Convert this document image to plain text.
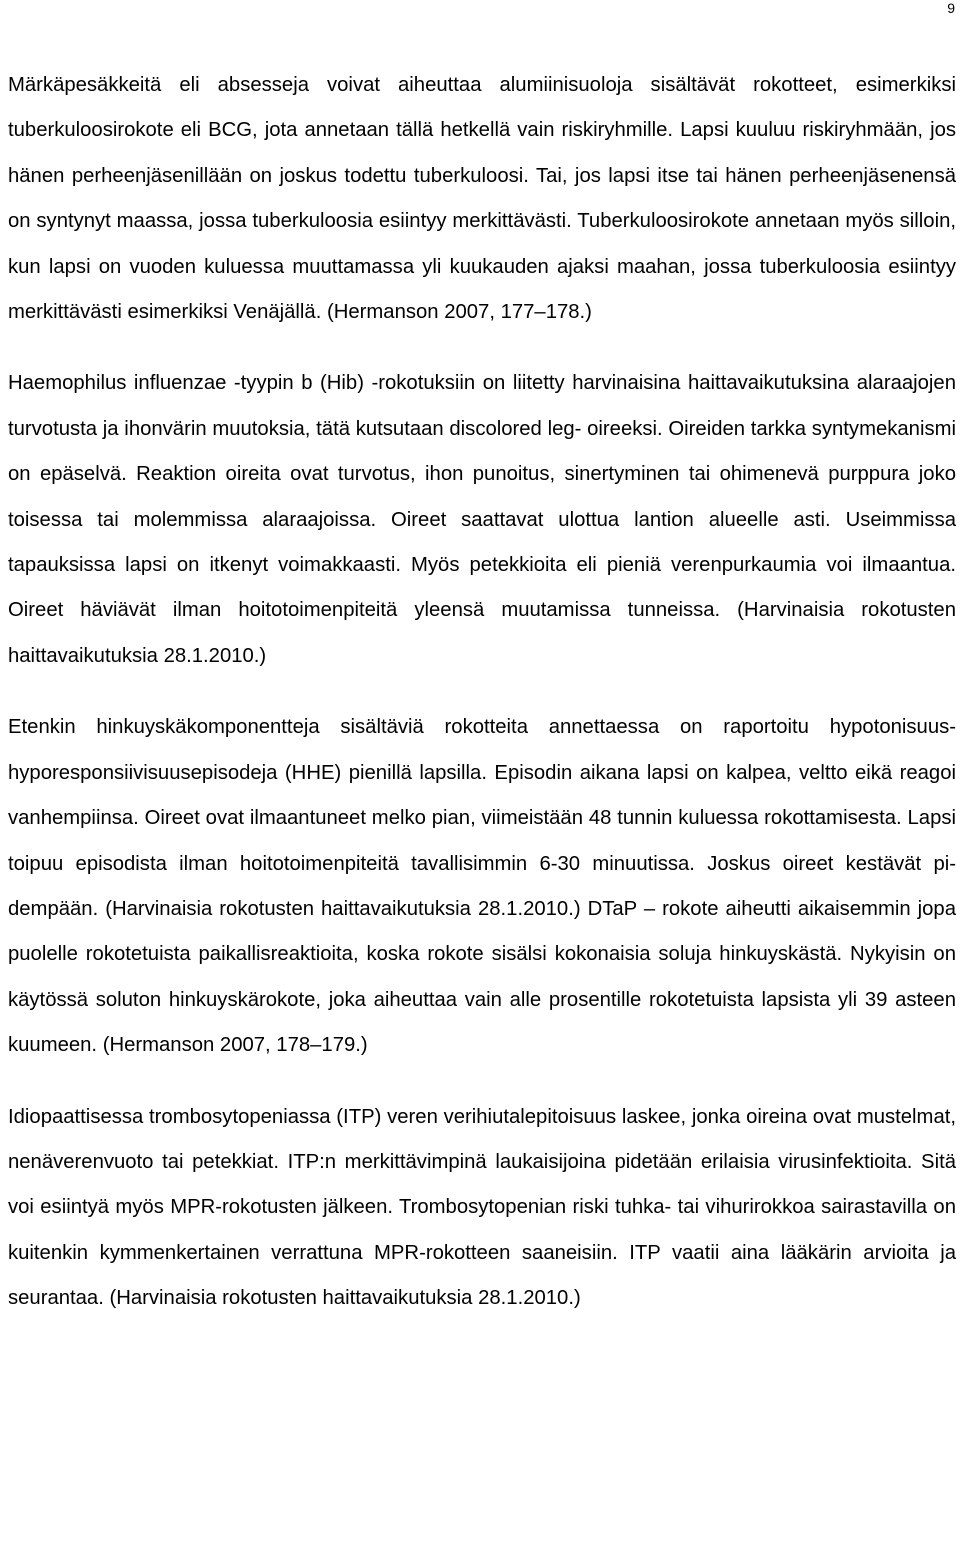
9

Märkäpesäkkeitä eli absesseja voivat aiheuttaa alumiinisuoloja sisältävät rokotteet, esimerkiksi tuberkuloosirokote eli BCG, jota annetaan tällä hetkellä vain riskiryhmille. Lapsi kuuluu riskiryhmään, jos hänen perheenjäsenillään on joskus todettu tuberkuloosi. Tai, jos lapsi itse tai hänen perheenjäsenensä on syntynyt maassa, jossa tuberkuloosia esiintyy merkittävästi. Tuberkuloosirokote annetaan myös silloin, kun lapsi on vuoden kuluessa muuttamassa yli kuukauden ajaksi maahan, jossa tuberkuloosia esiintyy merkittävästi esimerkiksi Venäjällä. (Hermanson 2007, 177–178.)

Haemophilus influenzae -tyypin b (Hib) -rokotuksiin on liitetty harvinaisina haittavaikutuksina alaraajojen turvotusta ja ihonvärin muutoksia, tätä kutsutaan discolored leg- oireeksi. Oireiden tarkka syntymekanismi on epäselvä. Reaktion oireita ovat turvotus, ihon punoitus, sinertyminen tai ohimenevä purppura joko toisessa tai molemmissa alaraajoissa. Oireet saattavat ulottua lantion alueelle asti. Useimmissa tapauksissa lapsi on itkenyt voimakkaasti. Myös petekkioita eli pieniä verenpurkaumia voi ilmaantua. Oireet häviävät ilman hoitotoimenpiteitä yleensä muutamissa tunneissa. (Harvinaisia rokotusten haittavaikutuksia 28.1.2010.)

Etenkin hinkuyskäkomponentteja sisältäviä rokotteita annettaessa on raportoitu hypotonisuus-hyporesponsiivisuusepisodeja (HHE) pienillä lapsilla. Episodin aikana lapsi on kalpea, veltto eikä reagoi vanhempiinsa. Oireet ovat ilmaantuneet melko pian, viimeistään 48 tunnin kuluessa rokottamisesta. Lapsi toipuu episodista ilman hoitotoimenpiteitä tavallisimmin 6-30 minuutissa. Joskus oireet kestävät pidempään. (Harvinaisia rokotusten haittavaikutuksia 28.1.2010.) DTaP – rokote aiheutti aikaisemmin jopa puolelle rokotetuista paikallisreaktioita, koska rokote sisälsi kokonaisia soluja hinkuyskästä. Nykyisin on käytössä soluton hinkuyskärokote, joka aiheuttaa vain alle prosentille rokotetuista lapsista yli 39 asteen kuumeen. (Hermanson 2007, 178–179.)

Idiopaattisessa trombosytopeniassa (ITP) veren verihiutalepitoisuus laskee, jonka oireina ovat mustelmat, nenäverenvuoto tai petekkiat. ITP:n merkittävimpinä laukaisijoina pidetään erilaisia virusinfektioita. Sitä voi esiintyä myös MPR-rokotusten jälkeen. Trombosytopenian riski tuhka- tai vihurirokkoa sairastavilla on kuitenkin kymmenkertainen verrattuna MPR-rokotteen saaneisiin. ITP vaatii aina lääkärin arvioita ja seurantaa. (Harvinaisia rokotusten haittavaikutuksia 28.1.2010.)
